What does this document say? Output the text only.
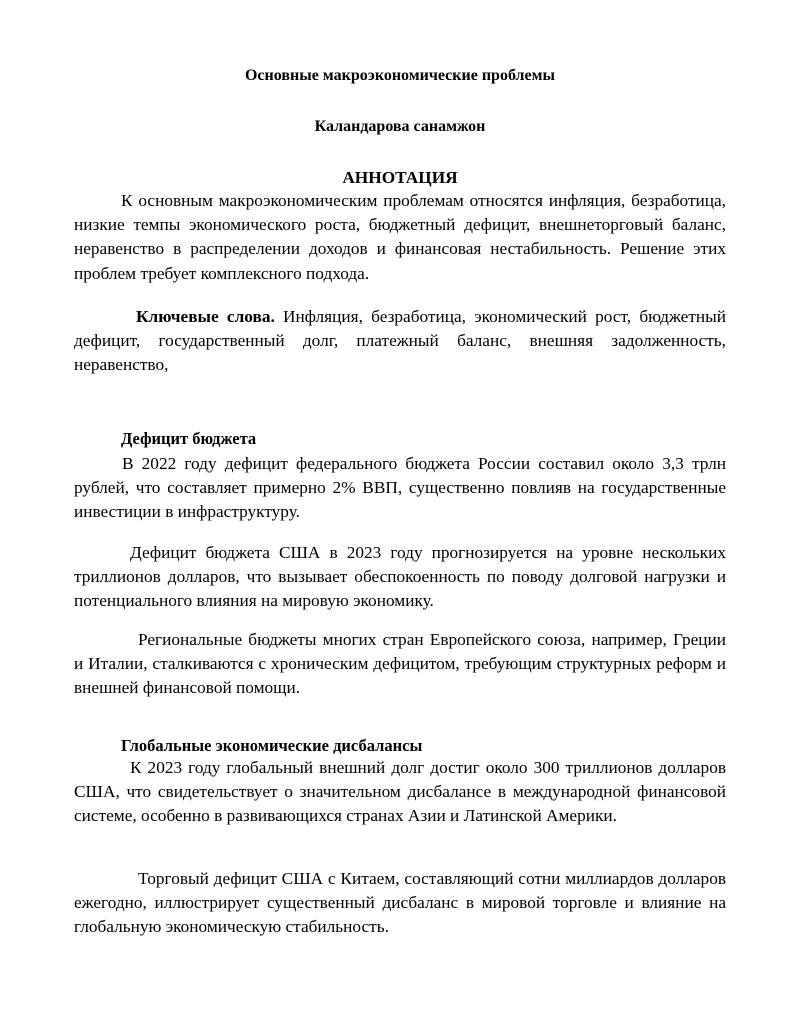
Основные макроэкономические проблемы

Каландарова санамжон

АННОТАЦИЯ

К основным макроэкономическим проблемам относятся инфляция, безработица, низкие темпы экономического роста, бюджетный дефицит, внешнеторговый баланс, неравенство в распределении доходов и финансовая нестабильность. Решение этих проблем требует комплексного подхода.

Ключевые слова. Инфляция, безработица, экономический рост, бюджетный дефицит, государственный долг, платежный баланс, внешняя задолженность, неравенство,

Дефицит бюджета

В 2022 году дефицит федерального бюджета России составил около 3,3 трлн рублей, что составляет примерно 2% ВВП, существенно повлияв на государственные инвестиции в инфраструктуру.

Дефицит бюджета США в 2023 году прогнозируется на уровне нескольких триллионов долларов, что вызывает обеспокоенность по поводу долговой нагрузки и потенциального влияния на мировую экономику.

Региональные бюджеты многих стран Европейского союза, например, Греции и Италии, сталкиваются с хроническим дефицитом, требующим структурных реформ и внешней финансовой помощи.

Глобальные экономические дисбалансы

К 2023 году глобальный внешний долг достиг около 300 триллионов долларов США, что свидетельствует о значительном дисбалансе в международной финансовой системе, особенно в развивающихся странах Азии и Латинской Америки.

Торговый дефицит США с Китаем, составляющий сотни миллиардов долларов ежегодно, иллюстрирует существенный дисбаланс в мировой торговле и влияние на глобальную экономическую стабильность.
